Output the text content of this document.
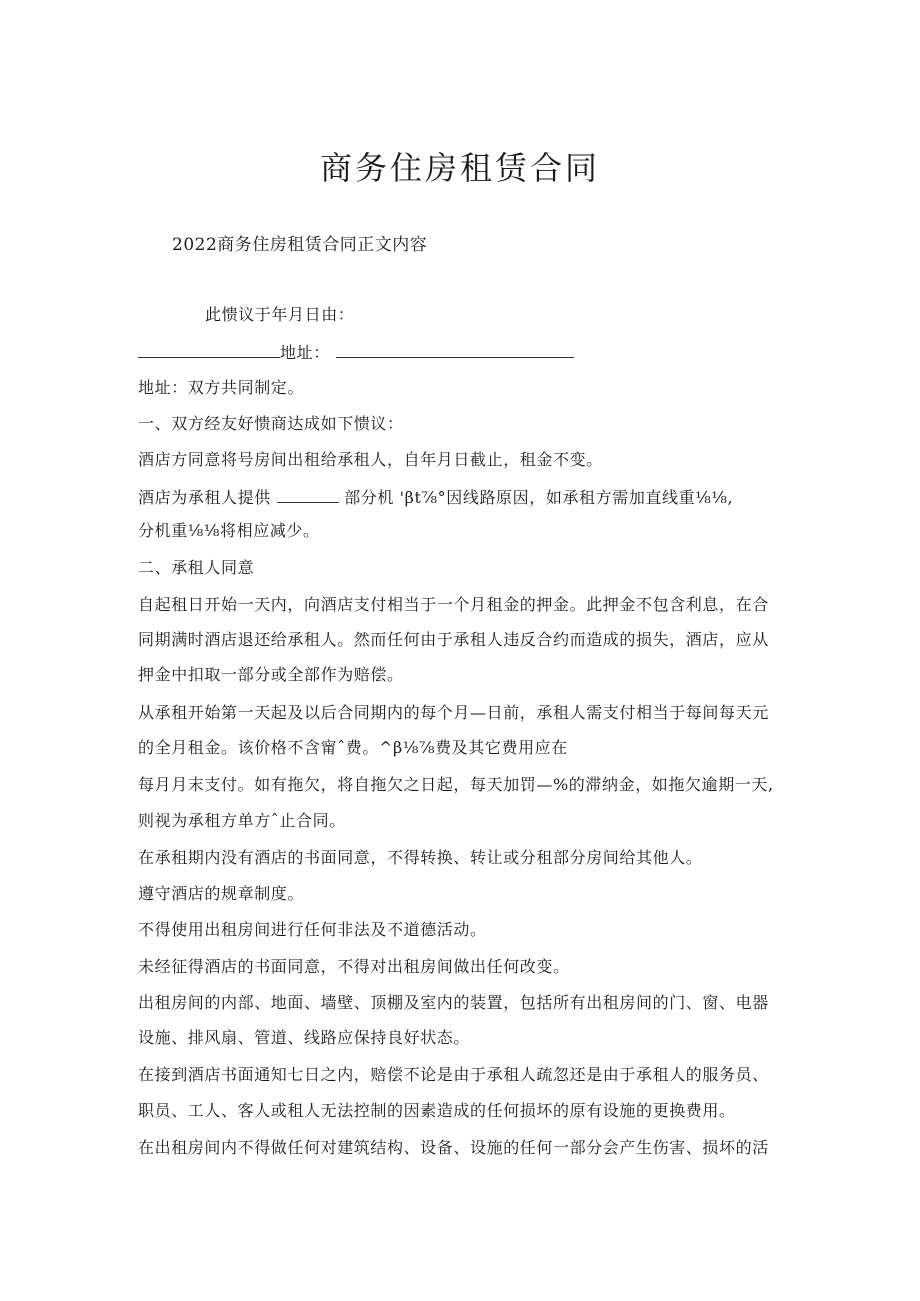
商务住房租赁合同
2022商务住房租赁合同正文内容
此愦议于年月日由：
地址：
地址：双方共同制定。
一、双方经友好愦商达成如下愦议：
酒店方同意将号房间出租给承租人，自年月日截止，租金不变。
酒店为承租人提供	部分机 'βt⅞°因线路原因，如承租方需加直线重⅛⅛,
分机重⅛⅛将相应减少。
二、承租人同意
自起租日开始一天内，向酒店支付相当于一个月租金的押金。此押金不包含利息，在合
同期满时酒店退还给承租人。然而任何由于承租人违反合约而造成的损失，酒店，应从
押金中扣取一部分或全部作为赔偿。
从承租开始第一天起及以后合同期内的每个月—日前，承租人需支付相当于每间每天元
的全月租金。该价格不含甯ˆ费。^β⅛⅞费及其它费用应在
每月月末支付。如有拖欠，将自拖欠之日起，每天加罚—%的滞纳金，如拖欠逾期一天,
则视为承租方单方ˆ止合同。
在承租期内没有酒店的书面同意，不得转换、转让或分租部分房间给其他人。
遵守酒店的规章制度。
不得使用出租房间进行任何非法及不道德活动。
未经征得酒店的书面同意，不得对出租房间做出任何改变。
出租房间的内部、地面、墙壁、顶棚及室内的装置，包括所有出租房间的门、窗、电器
设施、排风扇、管道、线路应保持良好状态。
在接到酒店书面通知七日之内，赔偿不论是由于承租人疏忽还是由于承租人的服务员、
职员、工人、客人或租人无法控制的因素造成的任何损坏的原有设施的更换费用。
在出租房间内不得做任何对建筑结构、设备、设施的任何一部分会产生伤害、损坏的活
